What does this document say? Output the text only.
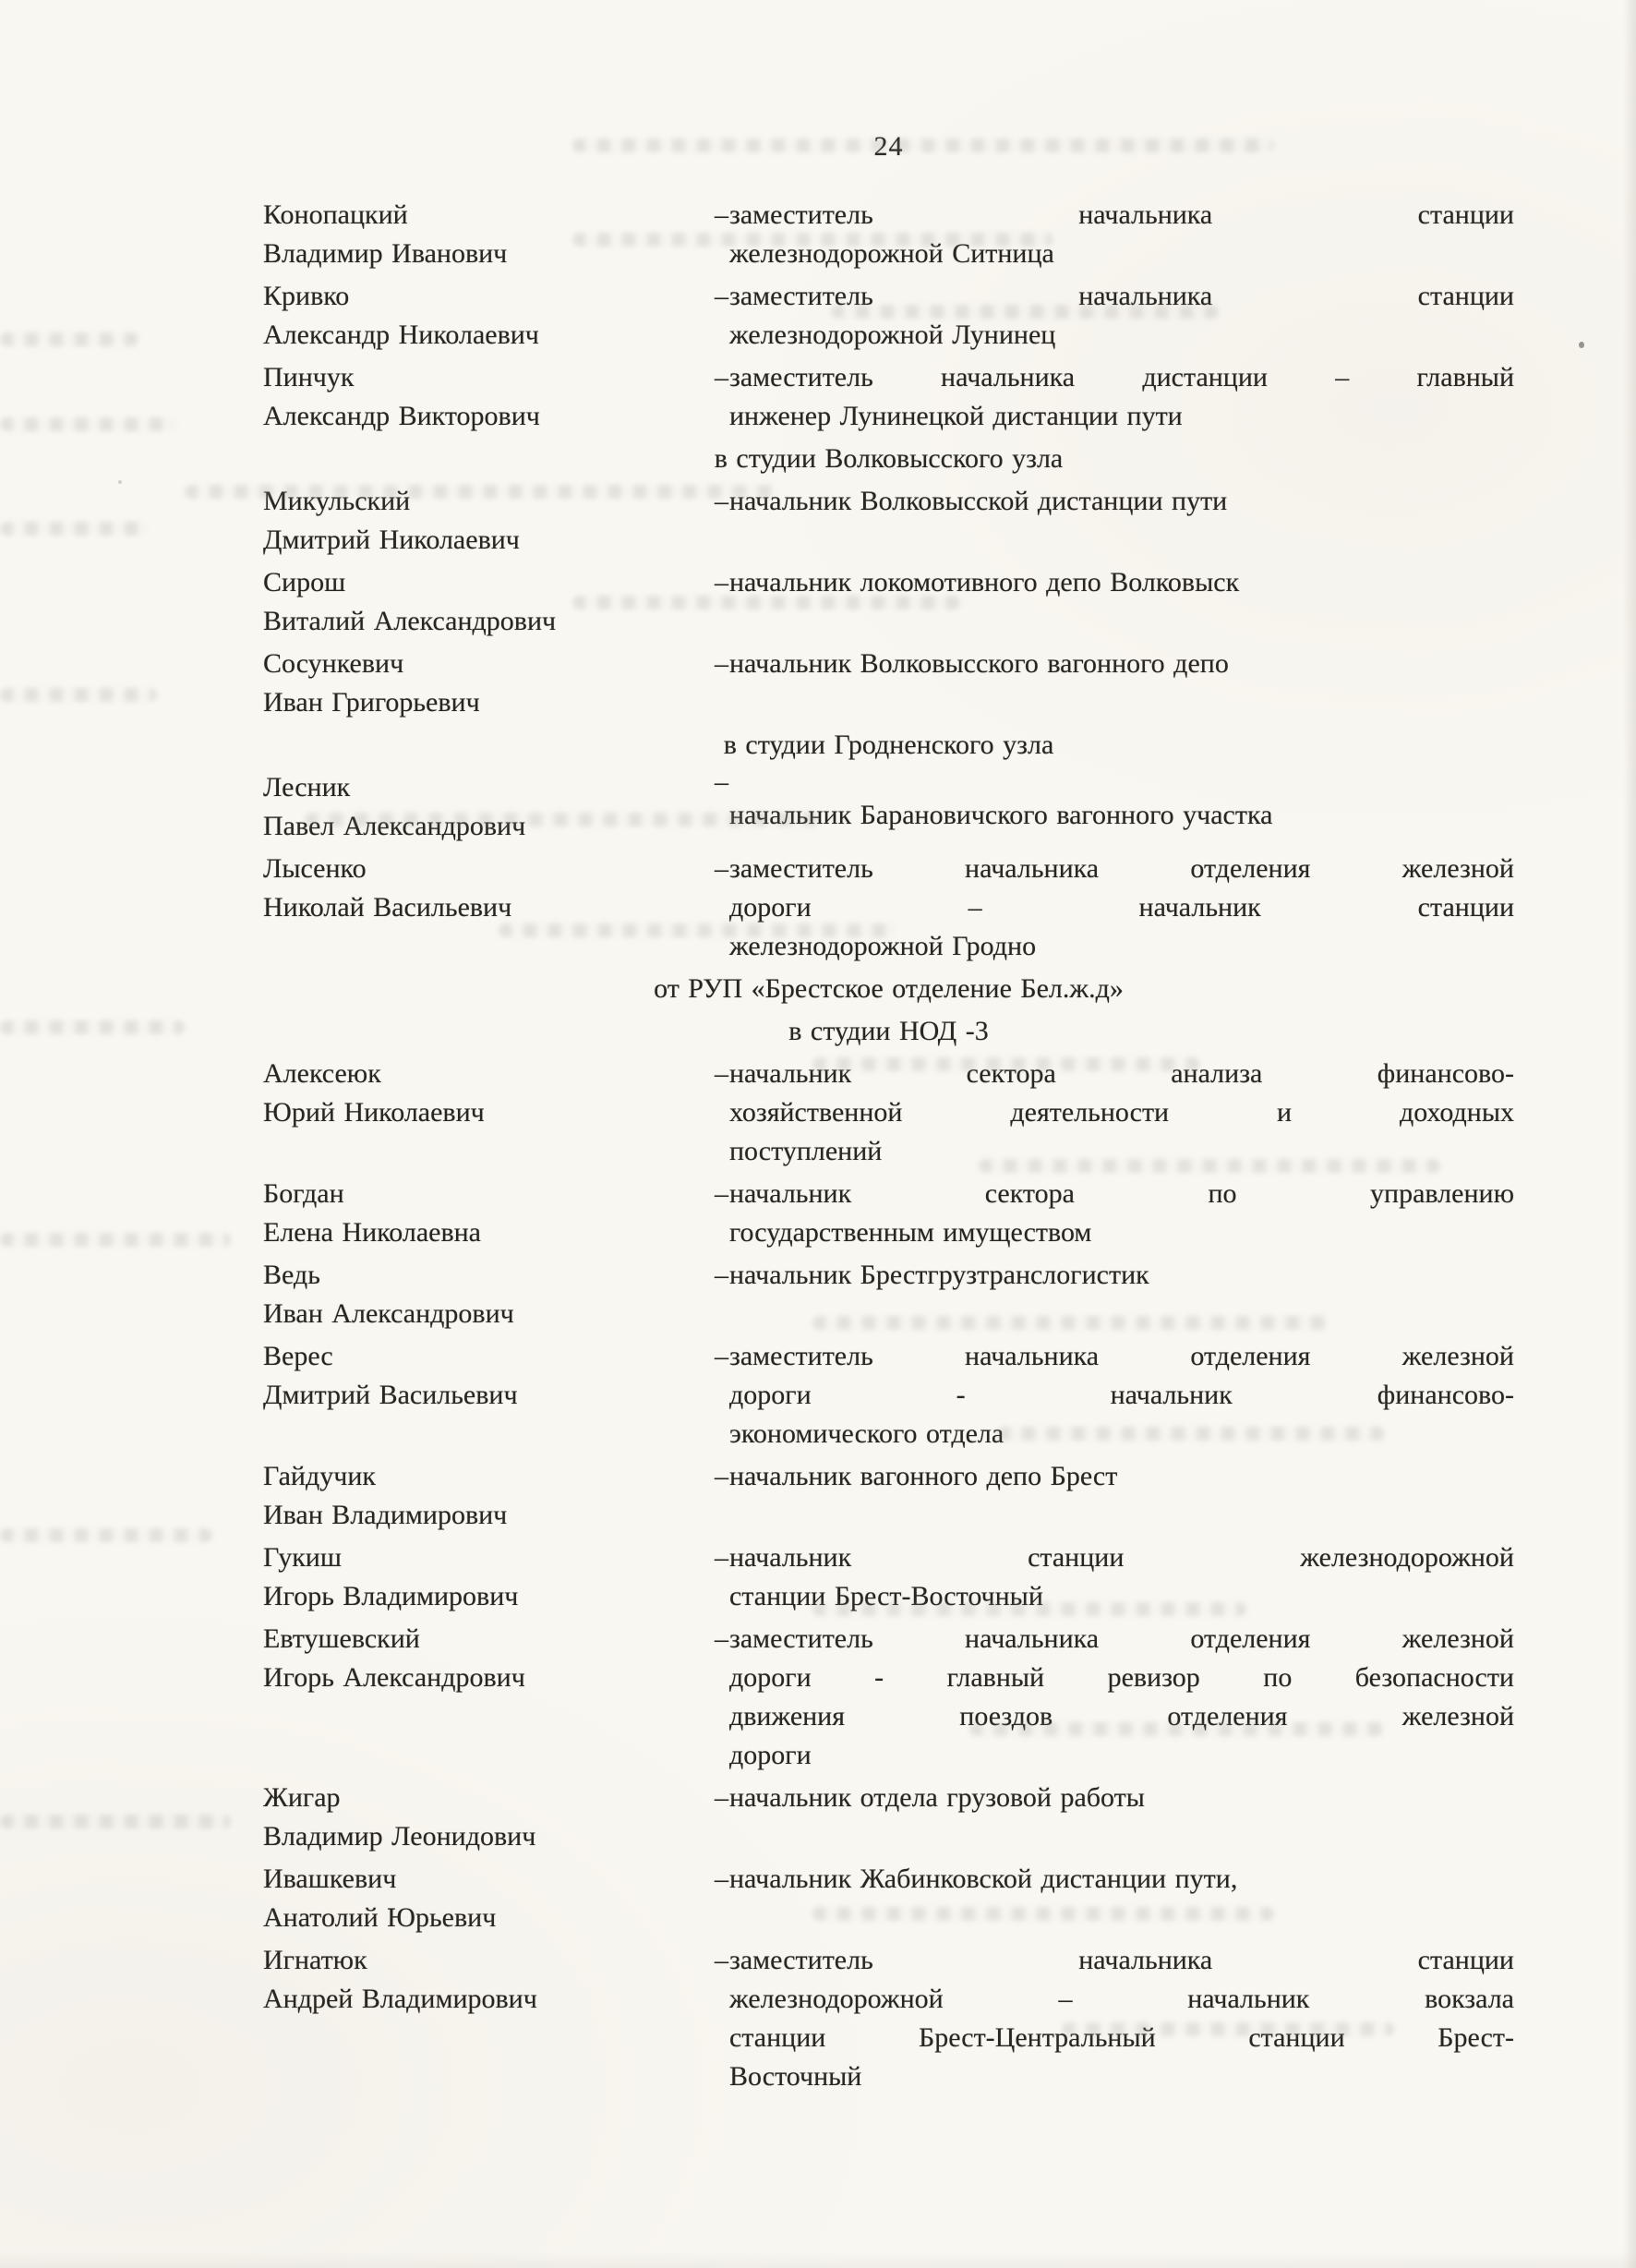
24
Конопацкий
Владимир Иванович
– заместитель начальника станции
железнодорожной Ситница
Кривко
Александр Николаевич
– заместитель начальника станции
железнодорожной Лунинец
Пинчук
Александр Викторович
– заместитель начальника дистанции – главный
инженер Лунинецкой дистанции пути
в студии Волковысского узла
Микульский
Дмитрий Николаевич
– начальник Волковысской дистанции пути
Сирош
Виталий Александрович
– начальник локомотивного депо Волковыск
Сосункевич
Иван Григорьевич
– начальник Волковысского вагонного депо
в студии Гродненского узла
Лесник
Павел Александрович
–
начальник Барановичского вагонного участка
Лысенко
Николай Васильевич
– заместитель начальника отделения железной
дороги – начальник станции
железнодорожной Гродно
от РУП «Брестское отделение Бел.ж.д»
в студии НОД -3
Алексеюк
Юрий Николаевич
– начальник сектора анализа финансово-
хозяйственной деятельности и доходных
поступлений
Богдан
Елена Николаевна
– начальник сектора по управлению
государственным имуществом
Ведь
Иван Александрович
– начальник Брестгрузтранслогистик
Верес
Дмитрий Васильевич
– заместитель начальника отделения железной
дороги - начальник финансово-
экономического отдела
Гайдучик
Иван Владимирович
– начальник вагонного депо Брест
Гукиш
Игорь Владимирович
– начальник станции железнодорожной
станции Брест-Восточный
Евтушевский
Игорь Александрович
– заместитель начальника отделения железной
дороги - главный ревизор по безопасности
движения поездов отделения железной
дороги
Жигар
Владимир Леонидович
– начальник отдела грузовой работы
Ивашкевич
Анатолий Юрьевич
– начальник Жабинковской дистанции пути,
Игнатюк
Андрей Владимирович
– заместитель начальника станции
железнодорожной – начальник вокзала
станции Брест-Центральный станции Брест-
Восточный
